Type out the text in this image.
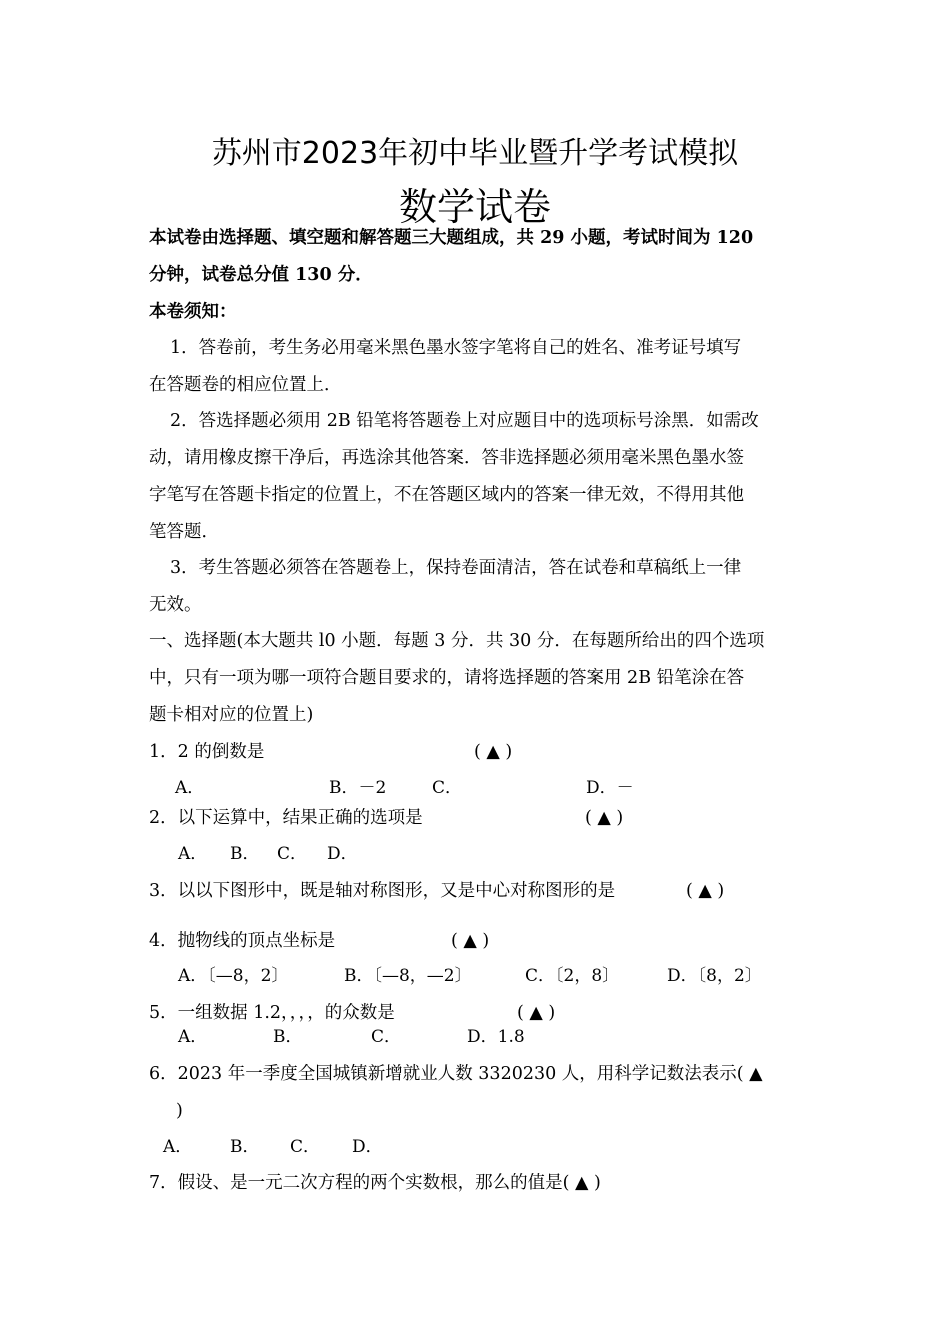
苏州市2023年初中毕业暨升学考试模拟
数学试卷
本试卷由选择题、填空题和解答题三大题组成，共 29 小题，考试时间为 120
分钟，试卷总分值 130 分．
本卷须知：
1．答卷前，考生务必用毫米黑色墨水签字笔将自己的姓名、准考证号填写
在答题卷的相应位置上．
2．答选择题必须用 2B 铅笔将答题卷上对应题目中的选项标号涂黑．如需改
动，请用橡皮擦干净后，再选涂其他答案．答非选择题必须用毫米黑色墨水签
字笔写在答题卡指定的位置上，不在答题区域内的答案一律无效，不得用其他
笔答题．
3．考生答题必须答在答题卷上，保持卷面清洁，答在试卷和草稿纸上一律
无效。
一、选择题(本大题共 l0 小题．每题 3 分．共 30 分．在每题所给出的四个选项
中，只有一项为哪一项符合题目要求的，请将选择题的答案用 2B 铅笔涂在答
题卡相对应的位置上)
1．2 的倒数是	( ▲ )
A．	B．－2	C．	D．－
2．以下运算中，结果正确的选项是	( ▲ )
A． B． C． D．
3．以以下图形中，既是轴对称图形，又是中心对称图形的是	( ▲ )
4．抛物线的顶点坐标是	( ▲ )
A．〔—8，2〕	B．〔—8，—2〕	C．〔2，8〕	D．〔8，2〕
5．一组数据 1.2，，，，的众数是	( ▲ )
A．	B．	C．	D．1.8
6．2023 年一季度全国城镇新增就业人数 3320230 人，用科学记数法表示( ▲
)
A． B． C． D．
7．假设、是一元二次方程的两个实数根，那么的值是( ▲ )
